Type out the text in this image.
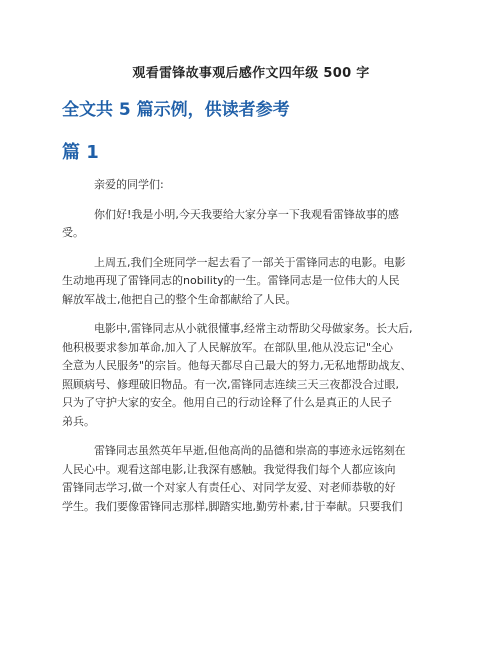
观看雷锋故事观后感作文四年级 500 字
全文共 5 篇示例，供读者参考
篇 1

亲爱的同学们:

你们好!我是小明,今天我要给大家分享一下我观看雷锋故事的感
受。

上周五,我们全班同学一起去看了一部关于雷锋同志的电影。电影
生动地再现了雷锋同志的nobility的一生。雷锋同志是一位伟大的人民
解放军战士,他把自己的整个生命都献给了人民。

电影中,雷锋同志从小就很懂事,经常主动帮助父母做家务。长大后,
他积极要求参加革命,加入了人民解放军。在部队里,他从没忘记"全心
全意为人民服务"的宗旨。他每天都尽自己最大的努力,无私地帮助战友、
照顾病号、修理破旧物品。有一次,雷锋同志连续三天三夜都没合过眼,
只为了守护大家的安全。他用自己的行动诠释了什么是真正的人民子
弟兵。

雷锋同志虽然英年早逝,但他高尚的品德和崇高的事迹永远铭刻在
人民心中。观看这部电影,让我深有感触。我觉得我们每个人都应该向
雷锋同志学习,做一个对家人有责任心、对同学友爱、对老师恭敬的好
学生。我们要像雷锋同志那样,脚踏实地,勤劳朴素,甘于奉献。只要我们
